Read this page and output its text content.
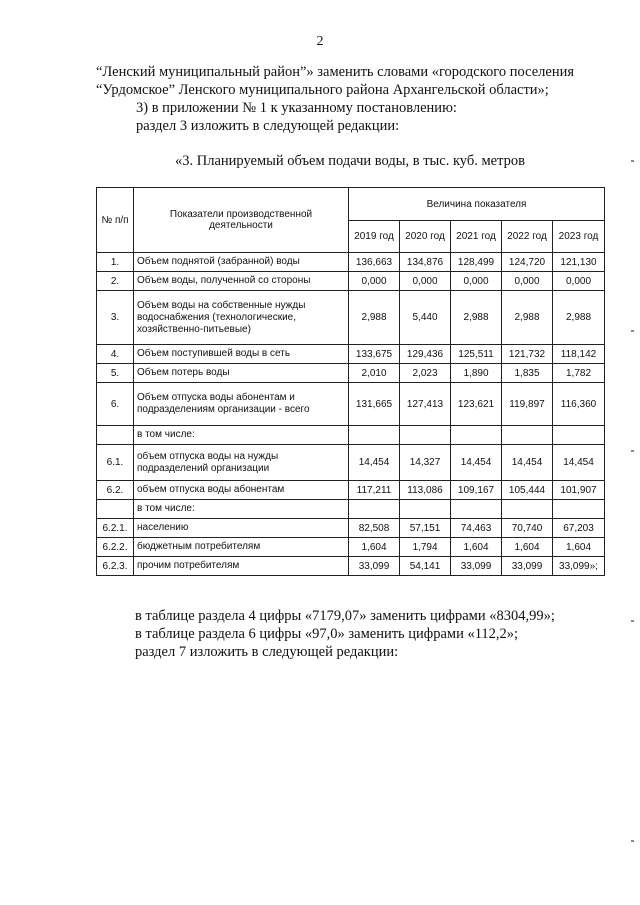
2

“Ленский муниципальный район”» заменить словами «городского поселения

“Урдомское” Ленского муниципального района Архангельской области»;

3) в приложении № 1 к указанному постановлению:

раздел 3 изложить в следующей редакции:

«3. Планируемый объем подачи воды, в тыс. куб. метров
№ п/п	Показатели производственной деятельности	Величина показателя				
		2019 год	2020 год	2021 год	2022 год	2023 год
1.	Объем поднятой (забранной) воды	136,663	134,876	128,499	124,720	121,130
2.	Объем воды, полученной со стороны	0,000	0,000	0,000	0,000	0,000
3.	Объем воды на собственные нужды водоснабжения (технологические, хозяйственно-питьевые)	2,988	5,440	2,988	2,988	2,988
4.	Объем поступившей воды в сеть	133,675	129,436	125,511	121,732	118,142
5.	Объем потерь воды	2,010	2,023	1,890	1,835	1,782
6.	Объем отпуска воды абонентам и подразделениям организации - всего	131,665	127,413	123,621	119,897	116,360
	в том числе:					
6.1.	объем отпуска воды на нужды подразделений организации	14,454	14,327	14,454	14,454	14,454
6.2.	объем отпуска воды абонентам	117,211	113,086	109,167	105,444	101,907
	в том числе:					
6.2.1.	населению	82,508	57,151	74,463	70,740	67,203
6.2.2.	бюджетным потребителям	1,604	1,794	1,604	1,604	1,604
6.2.3.	прочим потребителям	33,099	54,141	33,099	33,099	33,099»;

в таблице раздела 4 цифры «7179,07» заменить цифрами «8304,99»;

в таблице раздела 6 цифры «97,0» заменить цифрами «112,2»;

раздел 7 изложить в следующей редакции:
